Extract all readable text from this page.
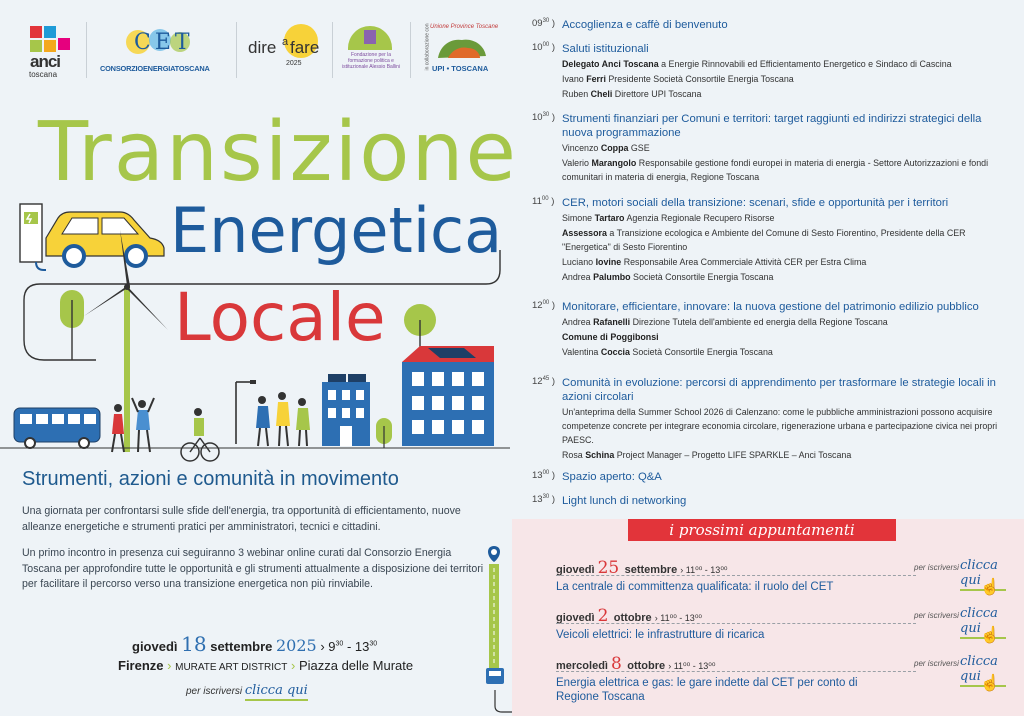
anci
toscana
CET
CONSORZIOENERGIATOSCANA
dire a fare
2025
Fondazione per la formazione politica e istituzionale Alessio Ballini	in collaborazione con Unione Province Toscane
UPI • TOSCANA
Transizione
Energetica
Locale
Strumenti, azioni e comunità in movimento
Una giornata per confrontarsi sulle sfide dell'energia, tra opportunità di efficientamento, nuove alleanze energetiche e strumenti pratici per amministratori, tecnici e cittadini.
Un primo incontro in presenza cui seguiranno 3 webinar online curati dal Consorzio Energia Toscana per approfondire tutte le opportunità e gli strumenti attualmente a disposizione dei territori per facilitare il percorso verso una transizione energetica non più rinviabile.
giovedì 18 settembre 2025 › $9^{30} - 13^{30}$
Firenze › MURATE ART DISTRICT › Piazza delle Murate
per iscriversi clicca qui
$09^{30}$ ) Accoglienza e caffè di benvenuto
$10^{00}$ ) Saluti istituzionali
Delegato Anci Toscana a Energie Rinnovabili ed Efficientamento Energetico e Sindaco di Cascina
Ivano Ferri Presidente Società Consortile Energia Toscana
Ruben Cheli Direttore UPI Toscana
$10^{30}$ ) Strumenti finanziari per Comuni e territori: target raggiunti ed indirizzi strategici della nuova programmazione
Vincenzo Coppa GSE
Valerio Marangolo Responsabile gestione fondi europei in materia di energia - Settore Autorizzazioni e fondi comunitari in materia di energia, Regione Toscana
$11^{00}$ ) CER, motori sociali della transizione: scenari, sfide e opportunità per i territori
Simone Tartaro Agenzia Regionale Recupero Risorse
Assessora a Transizione ecologica e Ambiente del Comune di Sesto Fiorentino, Presidente della CER "Energetica" di Sesto Fiorentino
Luciano Iovine Responsabile Area Commerciale Attività CER per Estra Clima
Andrea Palumbo Società Consortile Energia Toscana
$12^{00}$ ) Monitorare, efficientare, innovare: la nuova gestione del patrimonio edilizio pubblico
Andrea Rafanelli Direzione Tutela dell'ambiente ed energia della Regione Toscana
Comune di Poggibonsi
Valentina Coccia Società Consortile Energia Toscana
$12^{45}$ ) Comunità in evoluzione: percorsi di apprendimento per trasformare le strategie locali in azioni circolari
Un'anteprima della Summer School 2026 di Calenzano: come le pubbliche amministrazioni possono acquisire competenze concrete per integrare economia circolare, rigenerazione urbana e partecipazione civica nei propri PAESC.
Rosa Schina Project Manager – Progetto LIFE SPARKLE – Anci Toscana
$13^{00}$ ) Spazio aperto: Q&A
$13^{30}$ ) Light lunch di networking
i prossimi appuntamenti
giovedì 25 settembre › 11⁰⁰ - 13⁰⁰	per iscriversi clicca qui ☝
La centrale di committenza qualificata: il ruolo del CET
giovedì 2 ottobre › 11⁰⁰ - 13⁰⁰	per iscriversi clicca qui ☝
Veicoli elettrici: le infrastrutture di ricarica
mercoledì 8 ottobre › 11⁰⁰ - 13⁰⁰	per iscriversi clicca qui ☝
Energia elettrica e gas: le gare indette dal CET per conto di Regione Toscana
